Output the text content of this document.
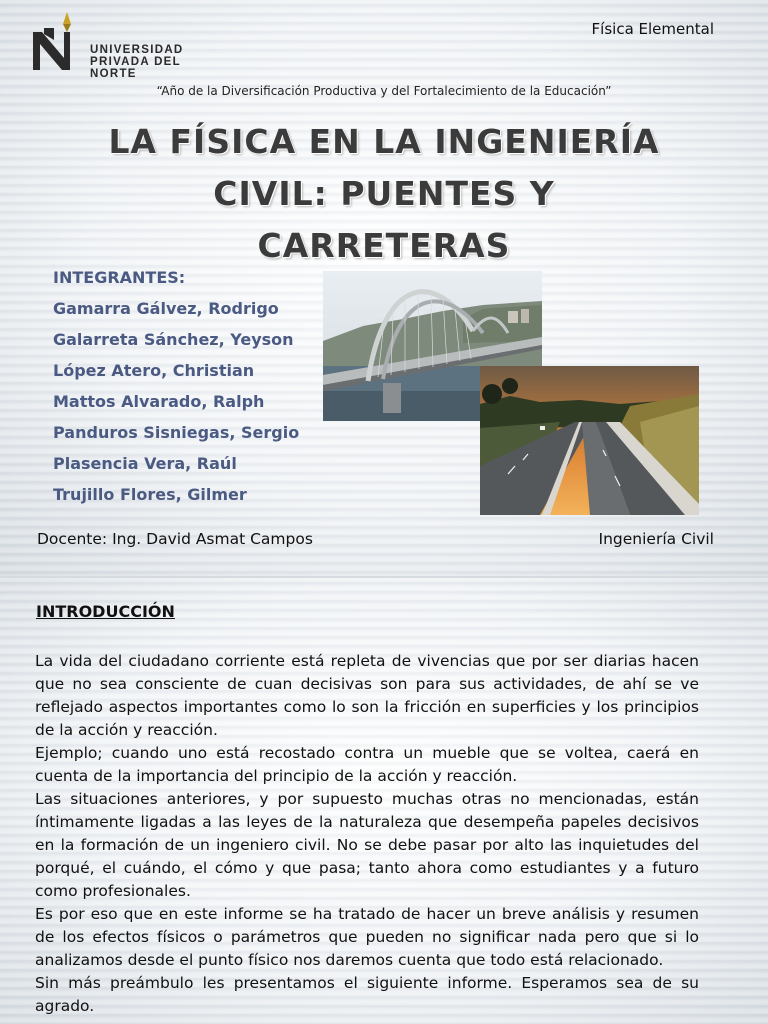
UNIVERSIDAD
PRIVADA DEL NORTE
Física Elemental
“Año de la Diversificación Productiva y del Fortalecimiento de la Educación”
LA FÍSICA EN LA INGENIERÍA
CIVIL: PUENTES Y
CARRETERAS
INTEGRANTES:
Gamarra Gálvez, Rodrigo
Galarreta Sánchez, Yeyson
López Atero, Christian
Mattos Alvarado, Ralph
Panduros Sisniegas, Sergio
Plasencia Vera, Raúl
Trujillo Flores, Gilmer
Docente: Ing. David Asmat Campos	Ingeniería Civil
INTRODUCCIÓN

La vida del ciudadano corriente está repleta de vivencias que por ser diarias hacen que no sea consciente de cuan decisivas son para sus actividades, de ahí se ve reflejado aspectos importantes como lo son la fricción en superficies y los principios de la acción y reacción.

Ejemplo; cuando uno está recostado contra un mueble que se voltea, caerá en cuenta de la importancia del principio de la acción y reacción.

Las situaciones anteriores, y por supuesto muchas otras no mencionadas, están íntimamente ligadas a las leyes de la naturaleza que desempeña papeles decisivos en la formación de un ingeniero civil. No se debe pasar por alto las inquietudes del porqué, el cuándo, el cómo y que pasa; tanto ahora como estudiantes y a futuro como profesionales.

Es por eso que en este informe se ha tratado de hacer un breve análisis y resumen de los efectos físicos o parámetros que pueden no significar nada pero que si lo analizamos desde el punto físico nos daremos cuenta que todo está relacionado.

Sin más preámbulo les presentamos el siguiente informe. Esperamos sea de su agrado.
